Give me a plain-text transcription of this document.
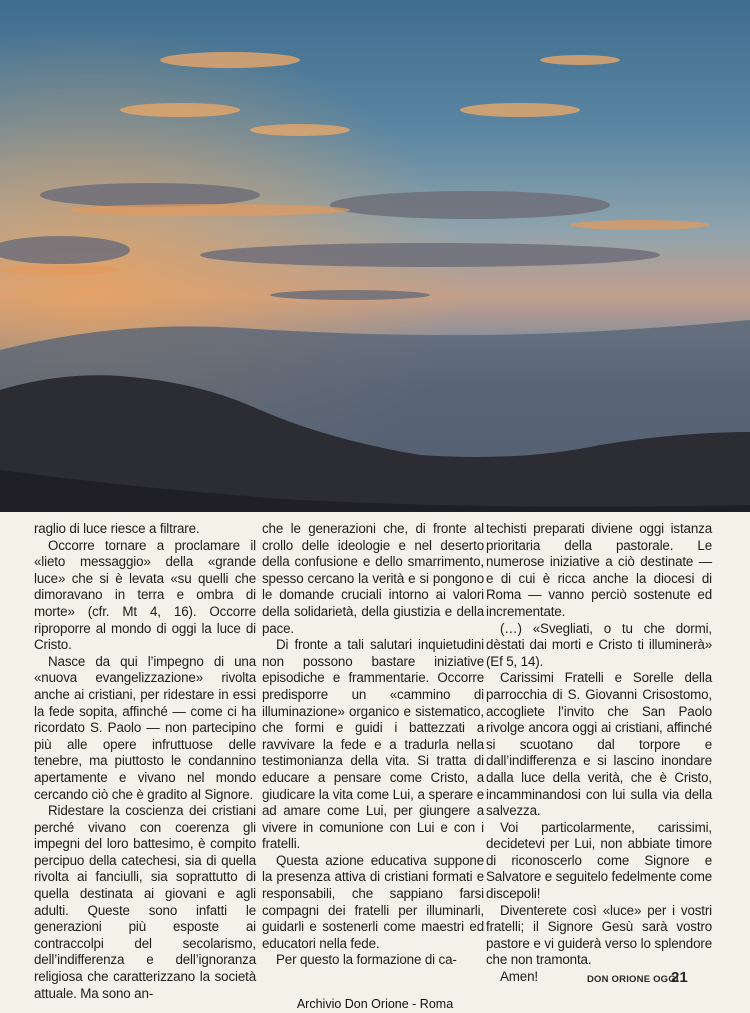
raglio di luce riesce a filtrare.

Occorre tornare a proclamare il «lieto messaggio» della «grande luce» che si è levata «su quelli che dimoravano in terra e ombra di morte» (cfr. Mt 4, 16). Occorre riproporre al mondo di oggi la luce di Cristo.

Nasce da qui l’impegno di una «nuova evangelizzazione» rivolta anche ai cristiani, per ridestare in essi la fede sopita, affinché — come ci ha ricordato S. Paolo — non partecipino più alle opere infruttuose delle tenebre, ma piuttosto le condannino apertamente e vivano nel mondo cercando ciò che è gradito al Signore.

Ridestare la coscienza dei cristiani perché vivano con coerenza gli impegni del loro battesimo, è compito percipuo della catechesi, sia di quella rivolta ai fanciulli, sia soprattutto di quella destinata ai giovani e agli adulti. Queste sono infatti le generazioni più esposte ai contraccolpi del secolarismo, dell’indifferenza e dell’ignoranza religiosa che caratterizzano la società attuale. Ma sono an-

che le generazioni che, di fronte al crollo delle ideologie e nel deserto della confusione e dello smarrimento, spesso cercano la verità e si pongono le domande cruciali intorno ai valori della solidarietà, della giustizia e della pace.

Di fronte a tali salutari inquietudini non possono bastare iniziative episodiche e frammentarie. Occorre predisporre un «cammino di illuminazione» organico e sistematico, che formi e guidi i battezzati a ravvivare la fede e a tradurla nella testimonianza della vita. Si tratta di educare a pensare come Cristo, a giudicare la vita come Lui, a sperare e ad amare come Lui, per giungere a vivere in comunione con Lui e con i fratelli.

Questa azione educativa suppone la presenza attiva di cristiani formati e responsabili, che sappiano farsi compagni dei fratelli per illuminarli, guidarli e sostenerli come maestri ed educatori nella fede.

Per questo la formazione di ca-

techisti preparati diviene oggi istanza prioritaria della pastorale. Le numerose iniziative a ciò destinate — e di cui è ricca anche la diocesi di Roma — vanno perciò sostenute ed incrementate.

(…) «Svegliati, o tu che dormi, dèstati dai morti e Cristo ti illuminerà» (Ef 5, 14).

Carissimi Fratelli e Sorelle della parrocchia di S. Giovanni Crisostomo, accogliete l’invito che San Paolo rivolge ancora oggi ai cristiani, affinché si scuotano dal torpore e dall’indifferenza e si lascino inondare dalla luce della verità, che è Cristo, incamminandosi con lui sulla via della salvezza.

Voi particolarmente, carissimi, decidetevi per Lui, non abbiate timore di riconoscerlo come Signore e Salvatore e seguitelo fedelmente come discepoli!

Diventerete così «luce» per i vostri fratelli; il Signore Gesù sarà vostro pastore e vi guiderà verso lo splendore che non tramonta.

Amen!	DON ORIONE OGGI
21
Archivio Don Orione - Roma
